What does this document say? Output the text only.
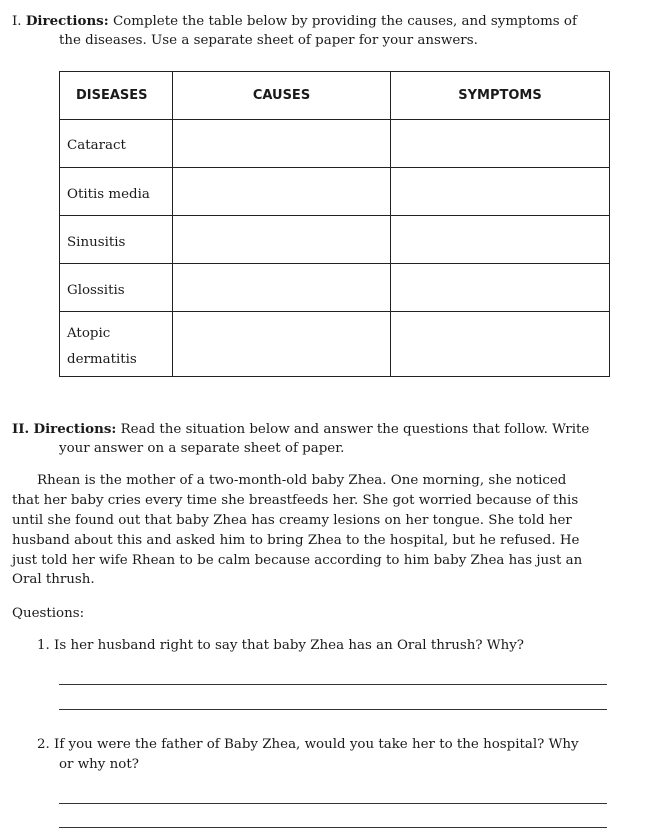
I. Directions: Complete the table below by providing the causes, and symptoms of
the diseases. Use a separate sheet of paper for your answers.
DISEASES	CAUSES	SYMPTOMS
Cataract		
Otitis media		
Sinusitis		
Glossitis		
Atopic
dermatitis		
II. Directions: Read the situation below and answer the questions that follow. Write
your answer on a separate sheet of paper.
Rhean is the mother of a two-month-old baby Zhea. One morning, she noticed
that her baby cries every time she breastfeeds her. She got worried because of this
until she found out that baby Zhea has creamy lesions on her tongue. She told her
husband about this and asked him to bring Zhea to the hospital, but he refused. He
just told her wife Rhean to be calm because according to him baby Zhea has just an
Oral thrush.
Questions:
1. Is her husband right to say that baby Zhea has an Oral thrush? Why?
2. If you were the father of Baby Zhea, would you take her to the hospital? Why
or why not?
